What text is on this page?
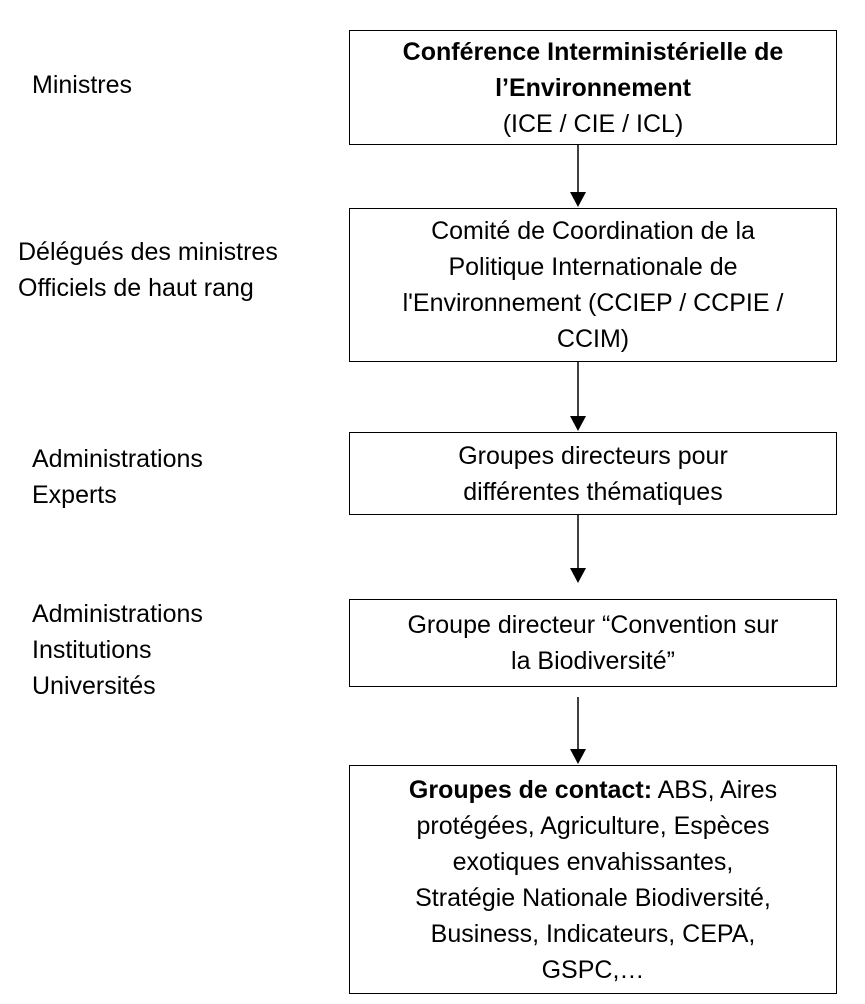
Ministres
Délégués des ministres
Officiels de haut rang
Administrations
Experts
Administrations
Institutions
Universités
Conférence Interministérielle de
l’Environnement
(ICE / CIE / ICL)
Comité de Coordination de la
Politique Internationale de
l'Environnement (CCIEP / CCPIE /
CCIM)
Groupes directeurs pour
différentes thématiques
Groupe directeur “Convention sur
la Biodiversité”
Groupes de contact: ABS, Aires
protégées, Agriculture, Espèces
exotiques envahissantes,
Stratégie Nationale Biodiversité,
Business, Indicateurs, CEPA,
GSPC,…
